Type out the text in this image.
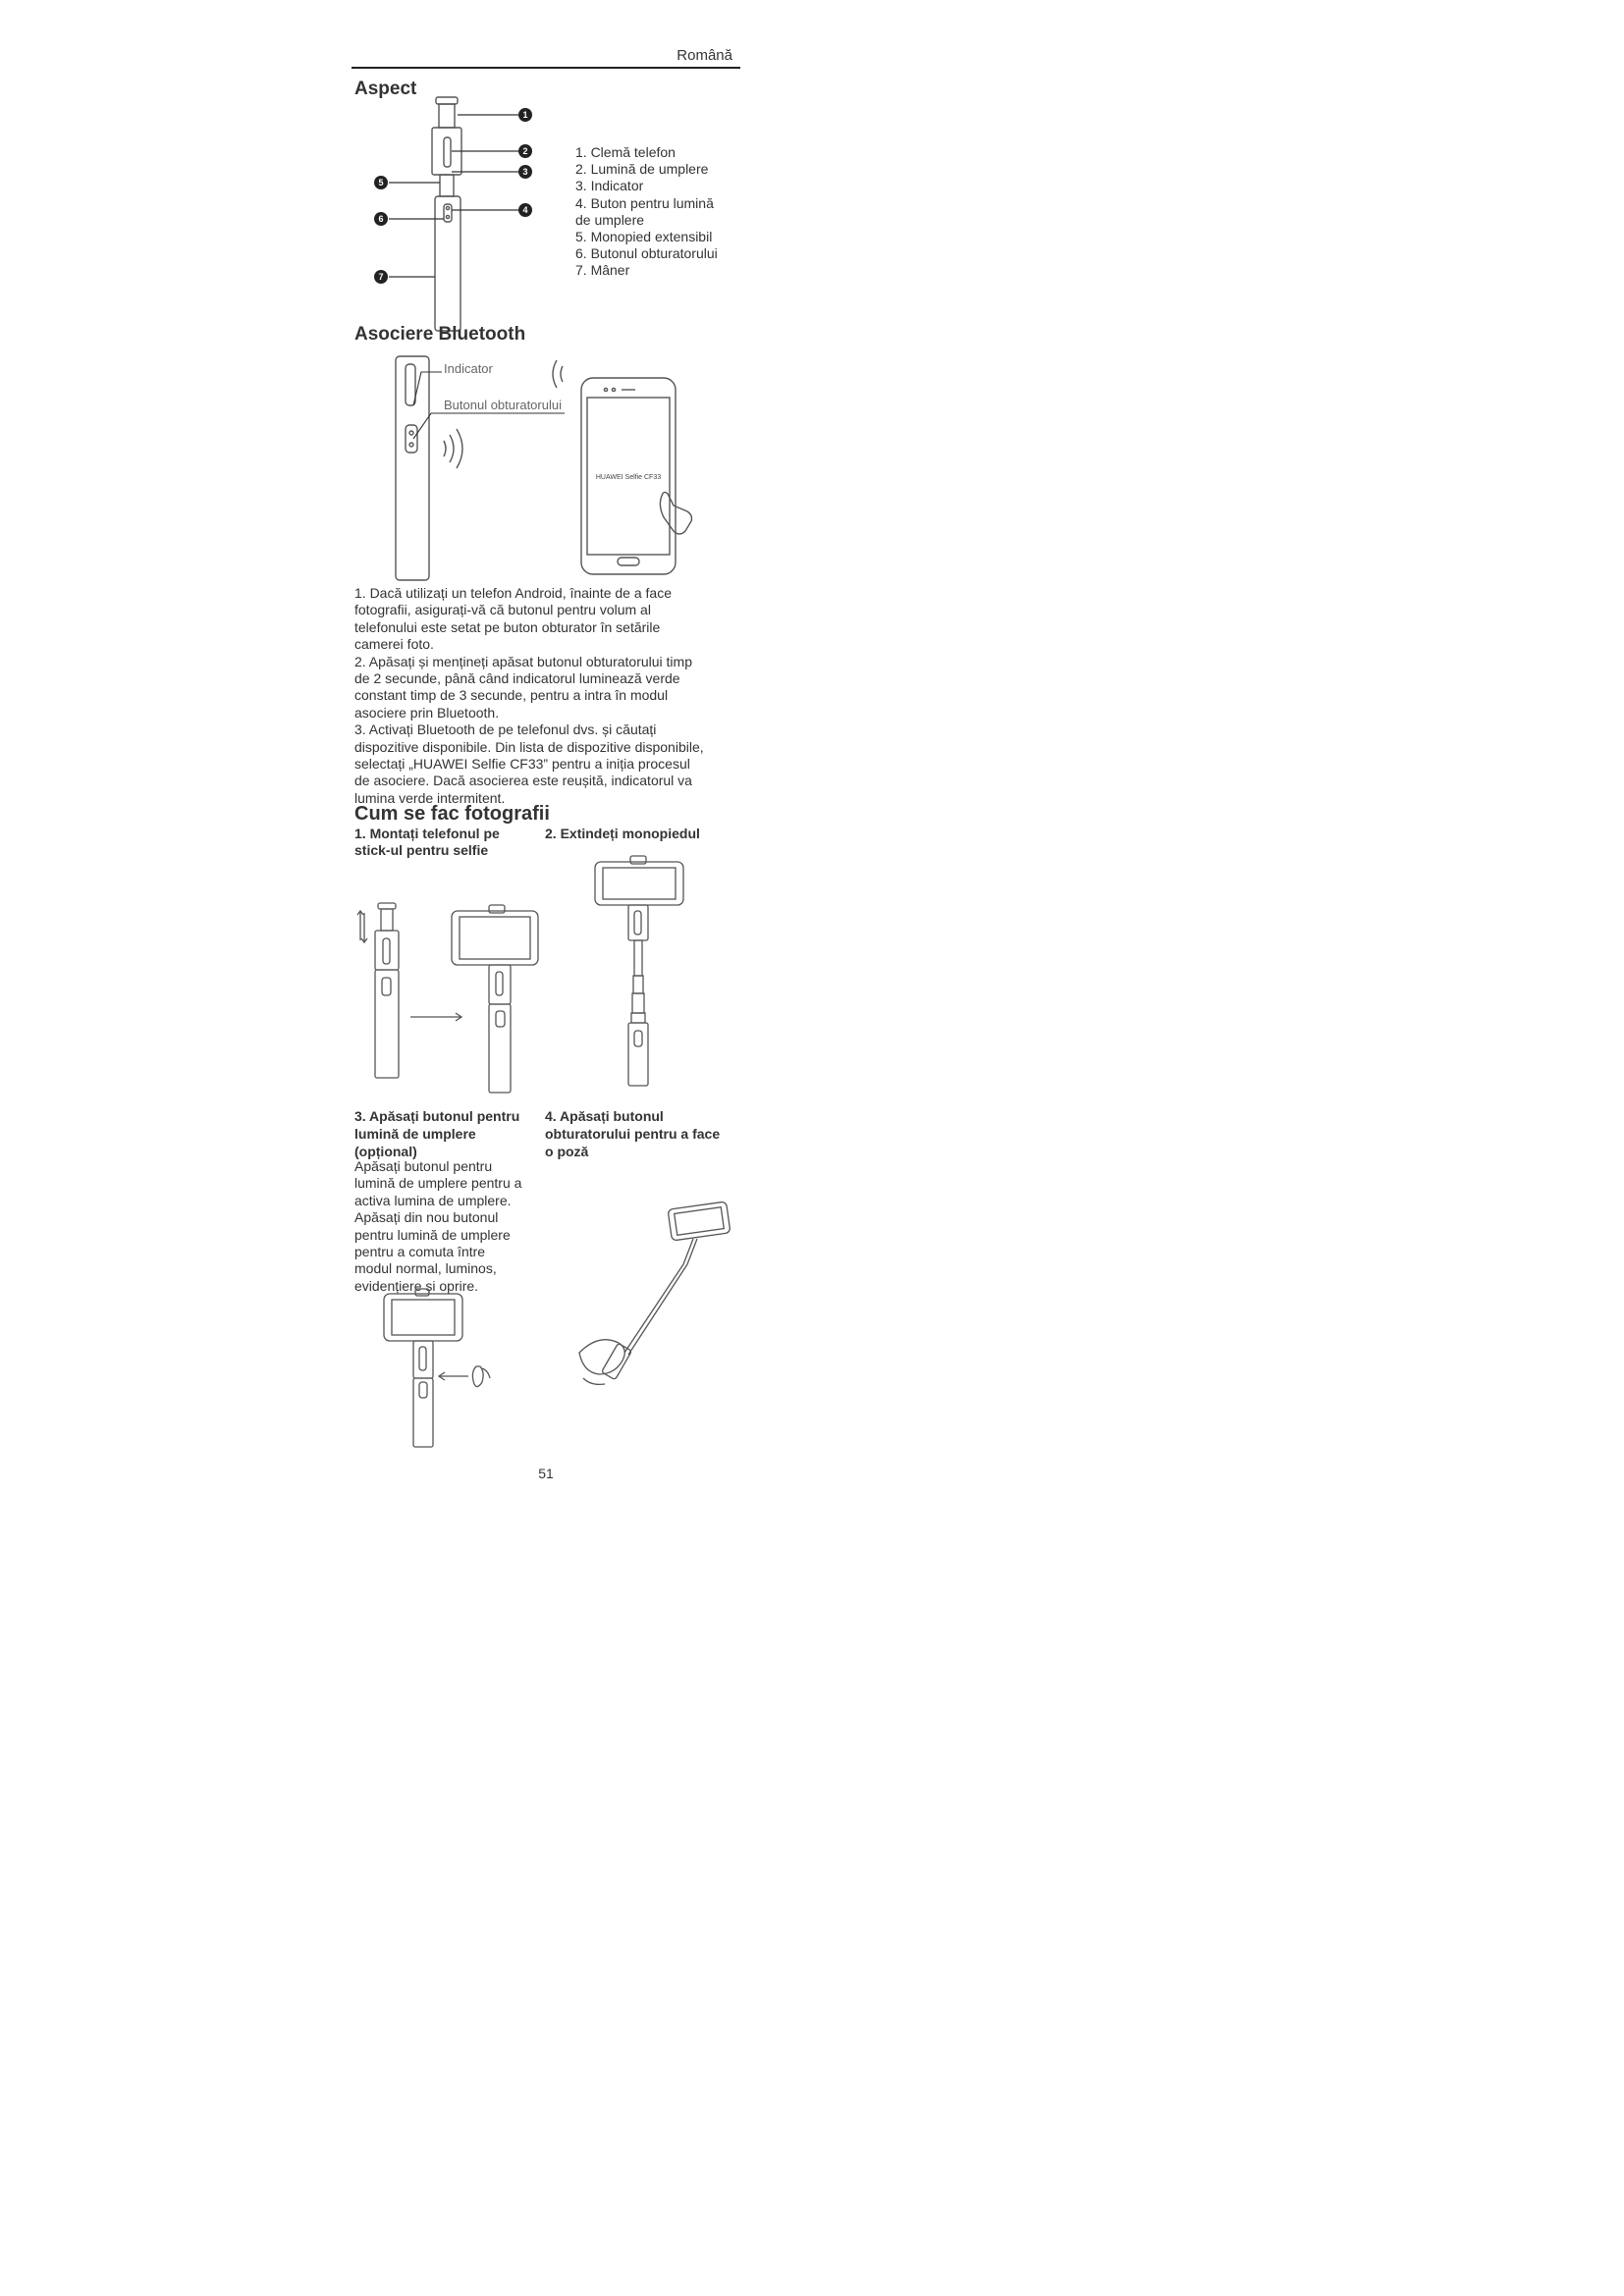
Română
Aspect
1
2
3
4
5
6
7
1. Clemă telefon
2. Lumină de umplere
3. Indicator
4. Buton pentru lumină
de umplere
5. Monopied extensibil
6. Butonul obturatorului
7. Mâner
Asociere Bluetooth
Indicator
Butonul obturatorului
HUAWEI Selfie CF33
1. Dacă utilizați un telefon Android, înainte de a face
fotografii, asigurați-vă că butonul pentru volum al
telefonului este setat pe buton obturator în setările
camerei foto.
2. Apăsați și mențineți apăsat butonul obturatorului timp
de 2 secunde, până când indicatorul luminează verde
constant timp de 3 secunde, pentru a intra în modul
asociere prin Bluetooth.
3. Activați Bluetooth de pe telefonul dvs. și căutați
dispozitive disponibile. Din lista de dispozitive disponibile,
selectați „HUAWEI Selfie CF33” pentru a iniția procesul
de asociere. Dacă asocierea este reușită, indicatorul va
lumina verde intermitent.
Cum se fac fotografii
1. Montați telefonul pe
stick-ul pentru selfie
2. Extindeți monopiedul
3. Apăsați butonul pentru
lumină de umplere
(opțional)
Apăsați butonul pentru
lumină de umplere pentru a
activa lumina de umplere.
Apăsați din nou butonul
pentru lumină de umplere
pentru a comuta între
modul normal, luminos,
evidențiere și oprire.
4. Apăsați butonul
obturatorului pentru a face
o poză
51
